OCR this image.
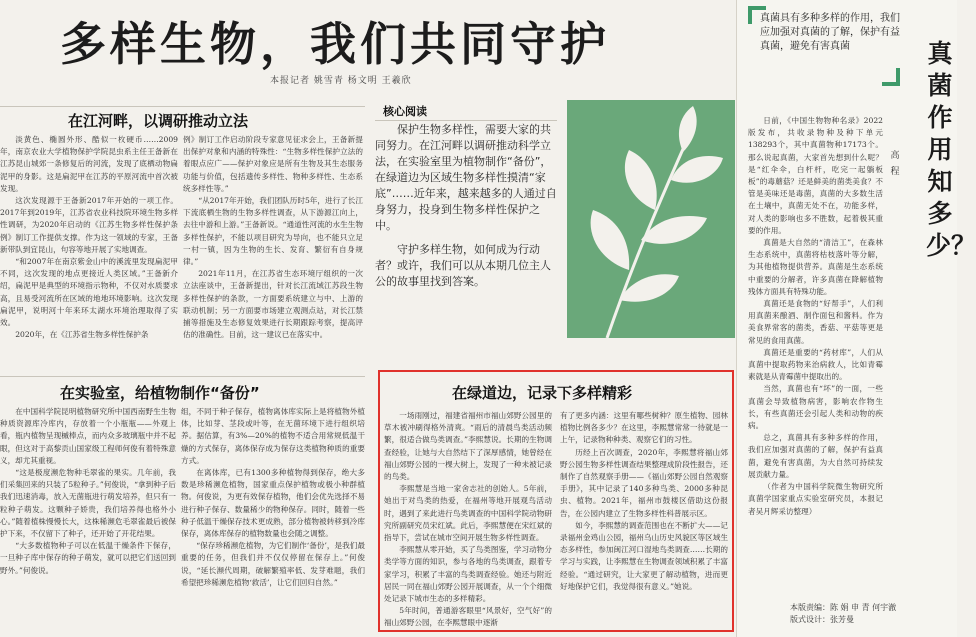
多样生物，我们共同守护
本报记者 姚雪青 杨文明 王羲欣
在江河畔，以调研推动立法

淡黄色、椭圆外形、酷似一枚硬币……2009年，南京农业大学植物保护学院昆虫系主任王备新在江苏昆山城郊一条修复后的河流，发现了底栖动物扁泥甲的身影。这是扁泥甲在江苏的平原河流中首次被发现。

这次发现源于王备新2017年开始的一项工作。2017年到2019年，江苏省农业科技院环境生物多样性调研，为2020年启动的《江苏生物多样性保护条例》制订工作提供支撑。作为这一领域的专家，王备新带队到宜昆山，句容等地开展了实地调查。

“和2007年在南京紫金山中的溪流里发现扁泥甲不同，这次发现的地点更接近人类区域。”王备新介绍，扁泥甲是典型的环境指示物种，不仅对水质要求高，且易受河流所在区域的地地环境影响。这次发现扁泥甲，说明河十年来环太湖水环境治理取得了实效。

2020年，在《江苏省生物多样性保护条

例》制订工作启动阶段专家意见征求会上，王备新提出保护对象和内涵的特殊性：“生物多样性保护立法的着眼点应广——保护对象应是所有生物及其生态服务功能与价值，包括遗传多样性、物种多样性、生态系统多样性等。”

“从2017年开始，我们团队历时5年，进行了长江下流底栖生物的生物多样性调查，从下游源江向上，去往中游和上游。”王备新说。“通道性河流的水生生物多样性保护，不能以项目研究为导向，也不能只立足一村一镇，因为生物的生长、发育、繁衍有自身规律。”

2021年11月，在江苏省生态环境厅组织的一次立法座谈中，王备新提出，针对长江流域江苏段生物多样性保护的条款，一方面要系统建立与中、上游的联动机制；另一方面要市场建立观测点站，对长江禁捕等措施及生态修复效果进行长期跟踪考察，提高评估的准确性。目前，这一建议已在落实中。

核心阅读

保护生物多样性，需要大家的共同努力。在江河畔以调研推动科学立法，在实验室里为植物制作“备份”，在绿道边为区域生物多样性摸清“家底”……近年来，越来越多的人通过自身努力，投身到生物多样性保护之中。

守护多样生物，如何成为行动者？或许，我们可以从本期几位主人公的故事里找到答案。

在实验室，给植物制作“备份”

在中国科学院昆明植物研究所中国西南野生生物种质资源库冷库内，存放着一个小瓶瓶——外观上看，瓶内植物呈现槭棒点，而内众多玻璃瓶中并不起眼，但这对于高黎贡山国家级工程师何俊有着特殊意义，却尤其重视。

“这是极度濒危物种毛翠雀的果实。几年前，我们采集回来的只装了5粒种子。”何俊说，“拿到种子后我们迅速消毒，放入无菌瓶进行萌发培养，但只有一粒种子萌发。这颗种子娇贵，我们培养得也格外小心。”随着植株慢慢长大，这株稀濒危毛翠雀最后被保护下来，不仅留下了种子，还开始了开花结果。

“大多数植物种子可以在低温干燥条件下保存，一旦种子库中保存的种子萌发，就可以把它们送回到野外。”何俊说。

组，不同于种子保存，植物离体库实际上是将植物外植体，比如芽、茎段或叶等，在无菌环境下进行组织培养。据估算，有3%—20%的植物不适合用常规低温干燥的方式保存，离体保存成为保存这类植物种质的重要方式。

在离体库，已有1300多种植物得到保存，绝大多数是珍稀濒危植物，国家重点保护植物或极小种群植物。何俊说，为更有效保存植物，他们会优先选择不易进行种子保存、数量稀少的物种保存。同时，随着一些种子低温干燥保存技术更成熟，部分植物被转移到冷库保存，离体库保存的植物数量也会随之调整。

“保存珍稀濒危植物，为它们制作‘备份’，是我们最重要的任务，但我们并不仅仅停留在保存上。”何俊说，“延长濒代周期，破解繁殖率低、发芽难题，我们希望把珍稀濒危植物‘救活’，让它们回归自然。”

在绿道边，记录下多样精彩

一场雨刚过，福建省福州市福山郊野公园里的草木被冲刷得格外清爽。“雨后的清晨鸟类活动频繁，很适合做鸟类调查。”李熙慧说。长期的生物调查经验，让她与大自然结下了深厚感情，她曾经在福山郊野公园的一棵大树上，发现了一种未被记录的鸟类。

李熙慧是当地一家舍志社的创始人。5年前，她出于对鸟类的热爱，在福州等地开展观鸟活动时，遇到了来此进行鸟类调查的中国科学院动物研究所副研究员宋红斌。此后，李熙慧便在宋红斌的指导下，尝试在城市空间开展生物多样性调查。

李熙慧从零开始，买了鸟类图鉴，学习动物分类学等方面的知识，参与各地的鸟类调查，跟着专家学习，积累了丰富的鸟类调查经验。她还与附近居民一同在福山郊野公园开展调查，从一个个细微处记录下城市生态的多样精彩。

5年时间，普通游客眼里“风景好，空气好”的福山郊野公园，在李熙慧眼中逐渐

有了更多内涵：这里有哪些树种？原生植物、园林植物比例各多少？在这里，李熙慧常常一待就是一上午，记录物种种类、观察它们的习性。

历经上百次调查，2020年，李熙慧将福山郊野公园生物多样性调查结果整理成阶段性报告，还制作了自然观察手册——《福山郊野公园自然观察手册》，其中记录了140多种鸟类、2000多种昆虫、植物。2021年，福州市鼓楼区借助这份报告，在公园内建立了生物多样性科普展示区。

如今，李熙慧的调查范围也在不断扩大——记录福州金鸡山公园，福州乌山历史风貌区等区域生态多样性，参加闽江河口湿地鸟类调查……长期的学习与实践，让李熙慧在生物调查领域积累了丰富经验。“通过研究，让大家更了解动植物，进而更好地保护它们，我觉得很有意义。”她说。

真菌具有多种多样的作用，我们应加强对真菌的了解，保护有益真菌，避免有害真菌	真菌作用知多少？
高程

日前，《中国生物物种名录》2022版发布，共收录物种及种下单元138293个，其中真菌物种17173个。那么说起真菌，大家首先想到什么呢？是“红伞伞，白杆杆，吃完一起躺板板”的毒蘑菇？还是鲜美的菌类美食？不管是美味还是毒菌，真菌的大多数生活在土壤中，真菌无处不在，功能多样，对人类的影响也多不胜数，起着极其重要的作用。

真菌是大自然的“清洁工”，在森林生态系统中，真菌将枯枝落叶等分解，为其他植物提供营养。真菌是生态系统中重要的分解者，许多真菌在降解植物残体方面具有特殊功能。

真菌还是食物的“好帮手”，人们利用真菌来酿酒、制作面包和酱料。作为美食界常客的菌类，香菇、平菇等更是常见的食用真菌。

真菌还是重要的“药材库”，人们从真菌中提取药物来治病救人，比如青霉素就是从青霉菌中提取出的。

当然，真菌也有“坏”的一面，一些真菌会导致植物病害，影响农作物生长，有些真菌还会引起人类和动物的疾病。

总之，真菌具有多种多样的作用，我们应加强对真菌的了解，保护有益真菌，避免有害真菌，为大自然可持续发展贡献力量。

（作者为中国科学院微生物研究所真菌学国家重点实验室研究员，本报记者吴月辉采访整理）

本版责编：陈 娟 申 青 何宇澈
版式设计：张芳曼
